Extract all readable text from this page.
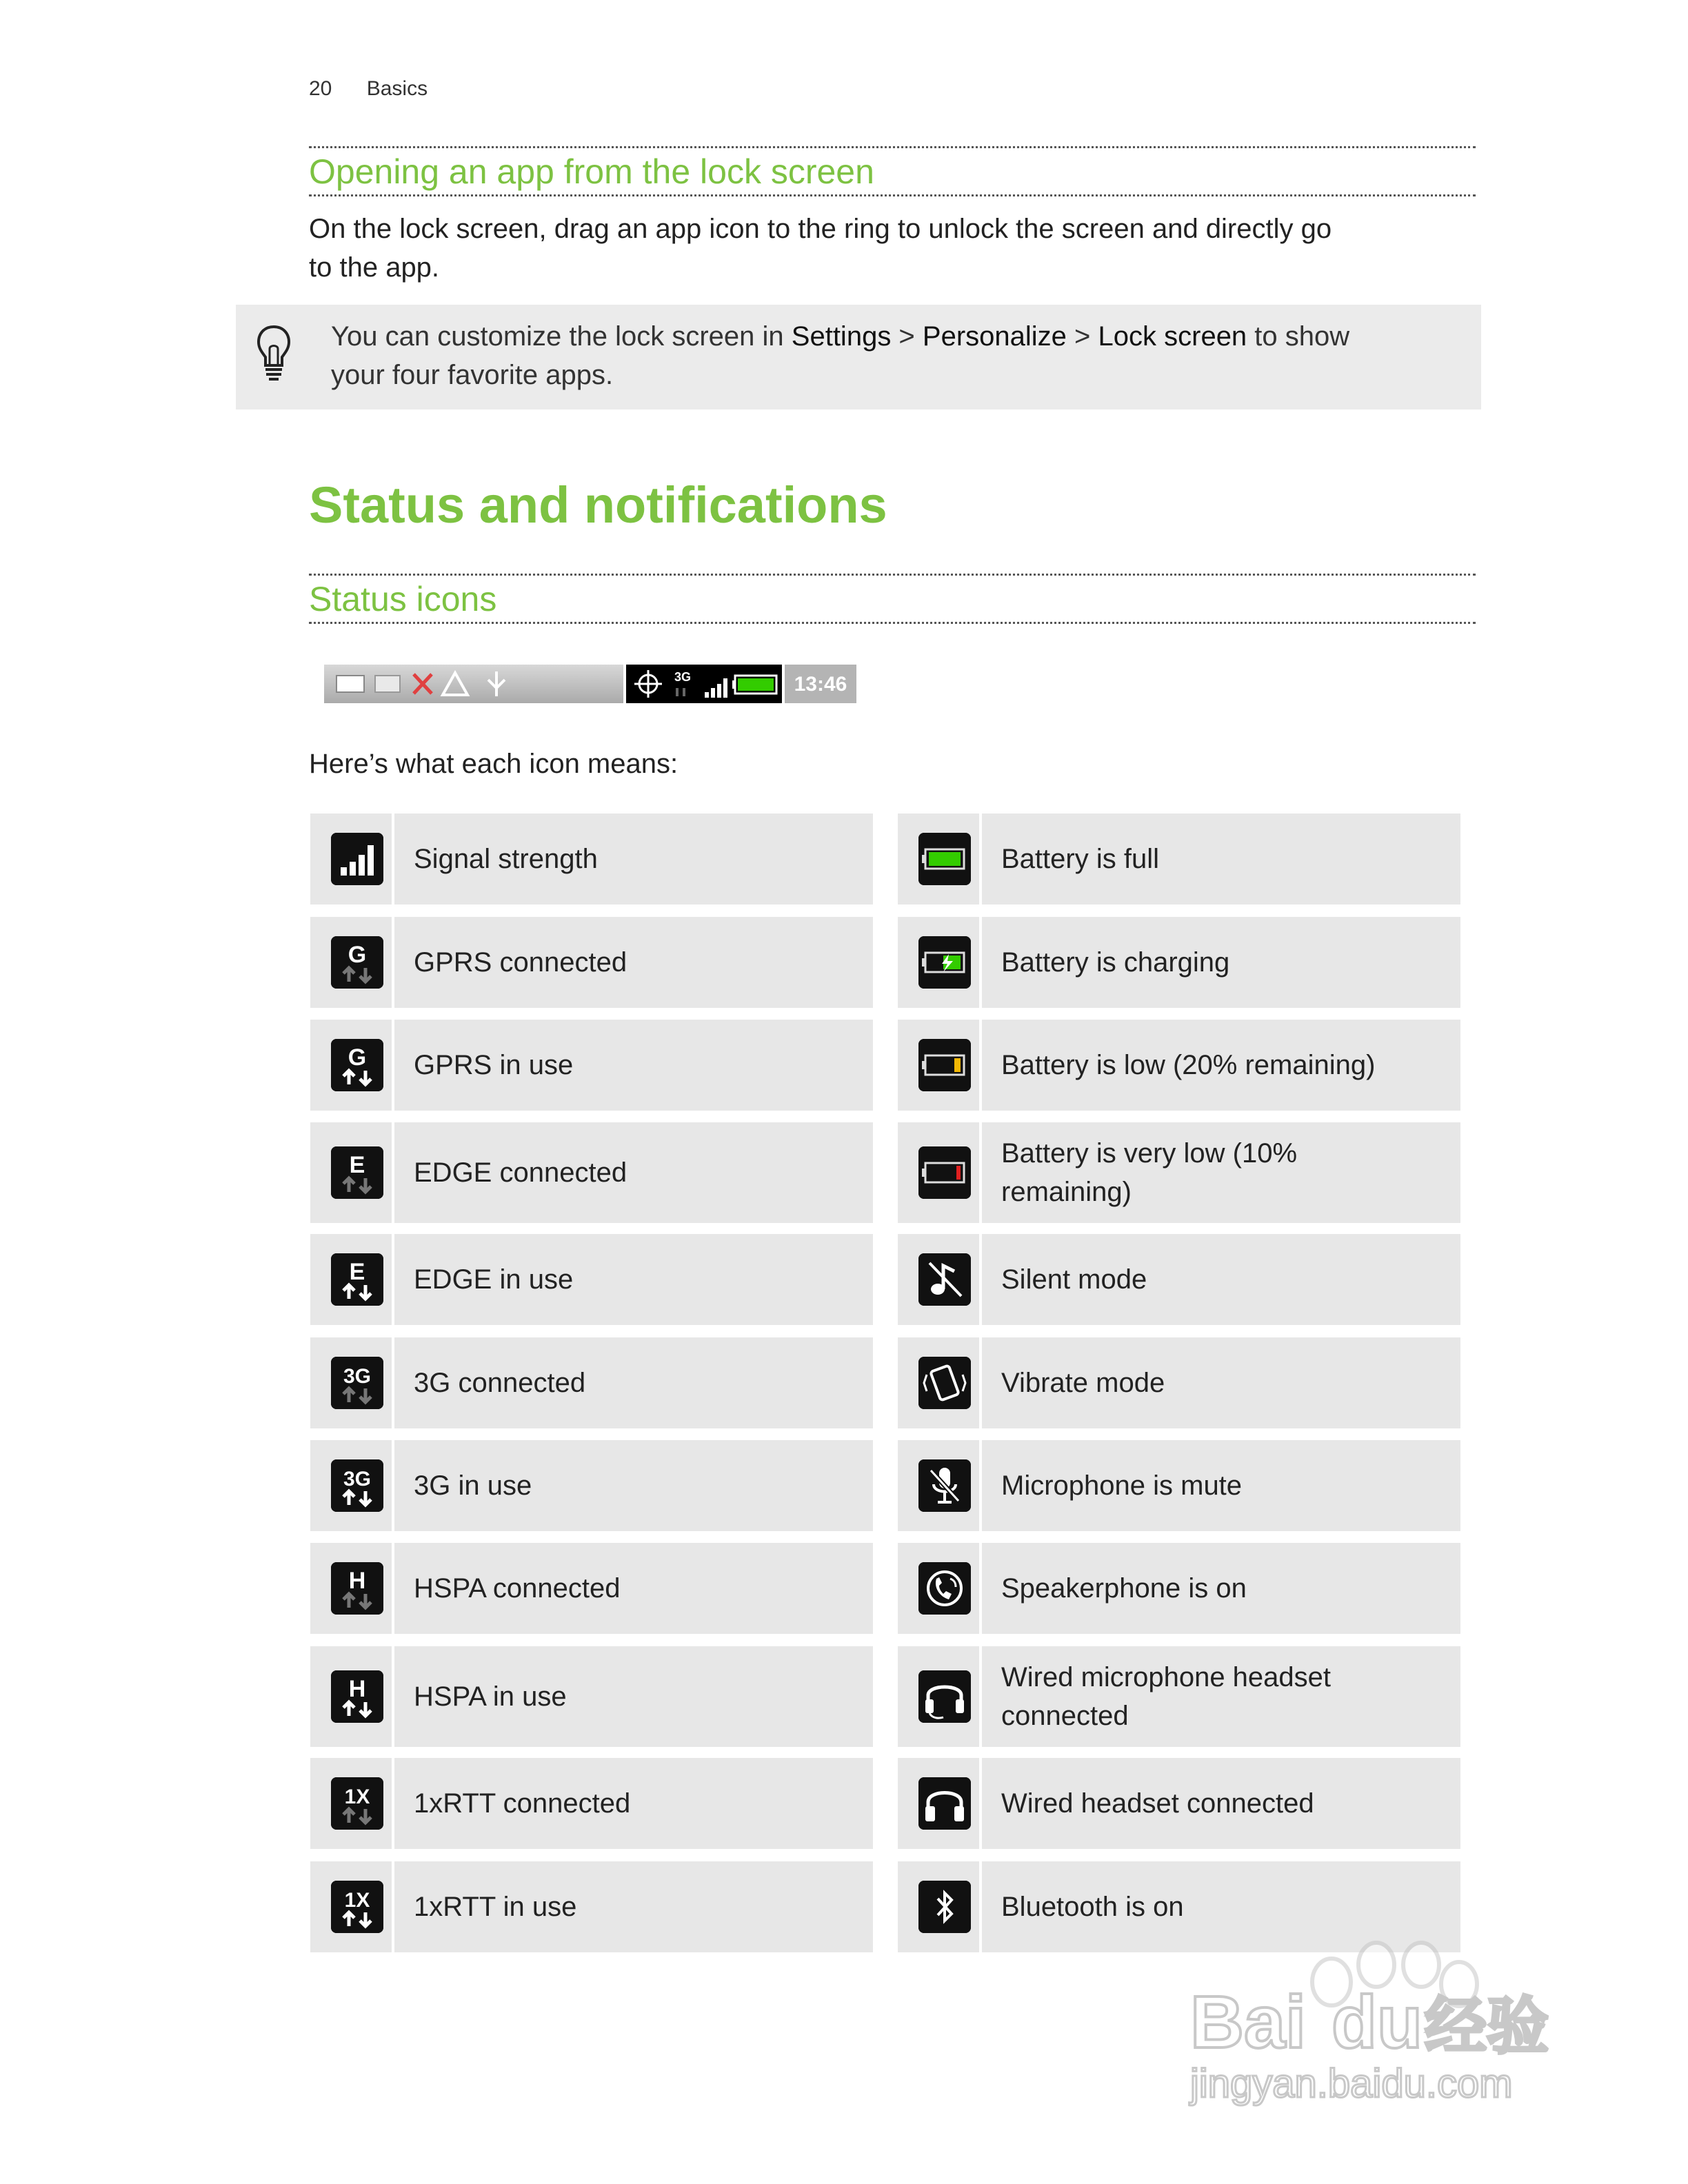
20 Basics
Opening an app from the lock screen
On the lock screen, drag an app icon to the ring to unlock the screen and directly go
to the app.
You can customize the lock screen in Settings > Personalize > Lock screen to show
your four favorite apps.
Status and notifications
Status icons
3G	13:46
Here’s what each icon means:
Signal strength
G GPRS connected
G GPRS in use
E EDGE connected
E EDGE in use
3G 3G connected
3G 3G in use
H HSPA connected
H HSPA in use
1X 1xRTT connected
1X 1xRTT in use
Battery is full
Battery is charging
Battery is low (20% remaining)
Battery is very low (10%
remaining)
Silent mode
Vibrate mode
Microphone is mute
Speakerphone is on
Wired microphone headset
connected
Wired headset connected
Bluetooth is on
Bai du 经验
jingyan.baidu.com
